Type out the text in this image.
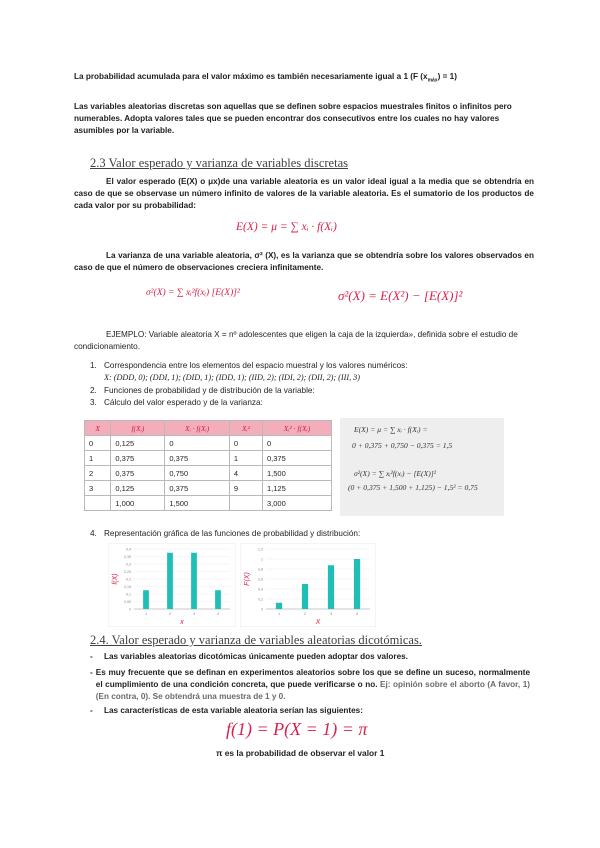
La probabilidad acumulada para el valor máximo es también necesariamente igual a 1 (F $(x_{máx}) = 1$)
Las variables aleatorias discretas son aquellas que se definen sobre espacios muestrales finitos o infinitos pero numerables. Adopta valores tales que se pueden encontrar dos consecutivos entre los cuales no hay valores asumibles por la variable.
2.3 Valor esperado y varianza de variables discretas
El valor esperado (E(X) o μx)de una variable aleatoria es un valor ideal igual a la media que se obtendría en caso de que se observase un número infinito de valores de la variable aleatoria. Es el sumatorio de los productos de cada valor por su probabilidad:
E(X) = μ = ∑ xᵢ · f(Xᵢ)
La varianza de una variable aleatoria, σ² (X), es la varianza que se obtendría sobre los valores observados en caso de que el número de observaciones creciera infinitamente.
σ²(X) = ∑ xᵢ²f(xᵢ) [E(X)]²	σ²(X) = E(X²) − [E(X)]²
EJEMPLO: Variable aleatoria X = nº adolescentes que eligen la caja de la izquierda», definida sobre el estudio de condicionamiento.
1. Correspondencia entre los elementos del espacio muestral y los valores numéricos:
X: (DDD, 0); (DDI, 1); (DID, 1); (IDD, 1); (IID, 2); (IDI, 2); (DII, 2); (III, 3)
2. Funciones de probabilidad y de distribución de la variable:
3. Cálculo del valor esperado y de la varianza:
X	f(Xᵢ)	Xᵢ · f(Xᵢ)	Xᵢ²	Xᵢ² · f(Xᵢ)
0	0,125	0	0	0
1	0,375	0,375	1	0,375
2	0,375	0,750	4	1,500
3	0,125	0,375	9	1,125
	1,000	1,500		3,000
E(X) = μ = ∑ xᵢ · f(Xᵢ) =
0 + 0,375 + 0,750 − 0,375 = 1,5
σ²(X) = ∑ xᵢ²f(xᵢ) − [E(X)]²
(0 + 0,375 + 1,500 + 1,125) − 1,5² = 0,75
4. Representación gráfica de las funciones de probabilidad y distribución:
0
0,05
0,1
0,15
0,2
0,25
0,3
0,35
0,4
f(X)
1	2	3	4
x
0
0,2
0,4
0,6
0,8
1
1,2
F(X)
1	2	3	4
X
2.4. Valor esperado y varianza de variables aleatorias dicotómicas.
-	Las variables aleatorias dicotómicas únicamente pueden adoptar dos valores.
- Es muy frecuente que se definan en experimentos aleatorios sobre los que se define un suceso, normalmente el cumplimiento de una condición concreta, que puede verificarse o no. Ej: opinión sobre el aborto (A favor, 1) (En contra, 0). Se obtendrá una muestra de 1 y 0.
-	Las características de esta variable aleatoria serían las siguientes:
f(1) = P(X = 1) = π
π es la probabilidad de observar el valor 1
